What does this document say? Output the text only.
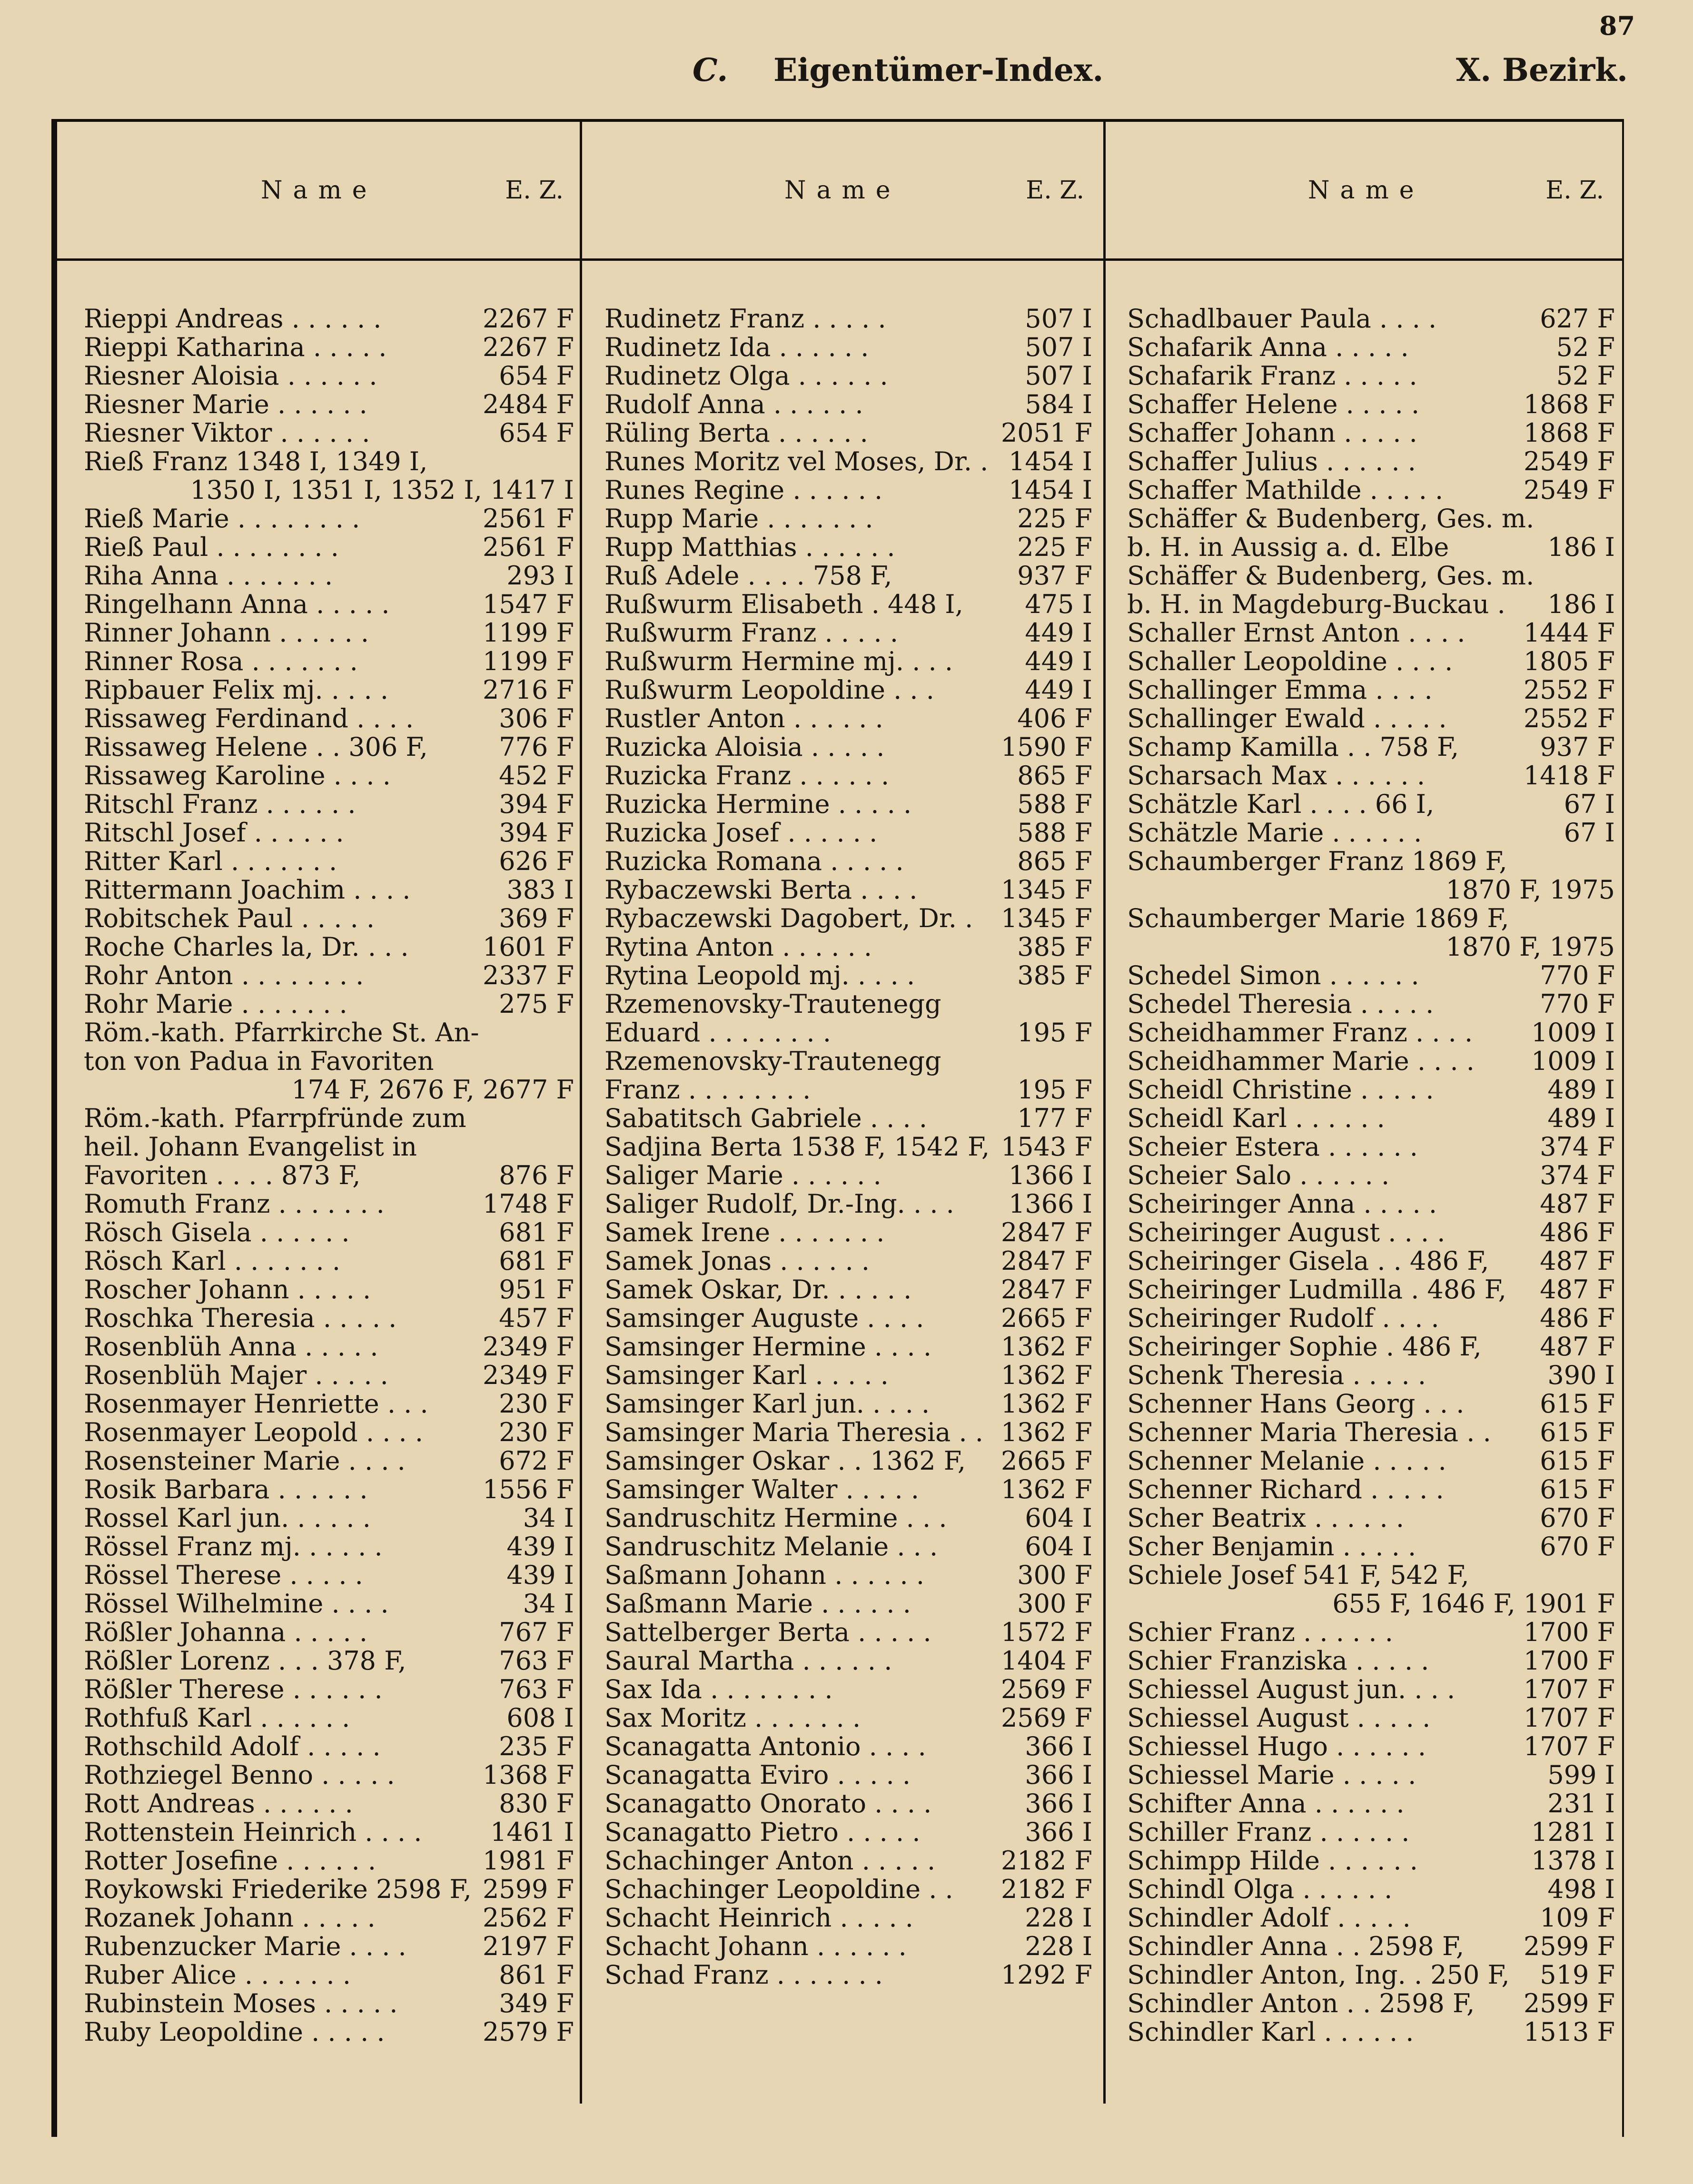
87
C. Eigentümer-Index.	X. Bezirk.
Name	E. Z.	Name	E. Z.	Name	E. Z.
Rieppi Andreas . . . . . .	2267 F
Rieppi Katharina . . . . .	2267 F
Riesner Aloisia . . . . . .	654 F
Riesner Marie . . . . . .	2484 F
Riesner Viktor . . . . . .	654 F
Rieß Franz 1348 I, 1349 I,
1350 I, 1351 I, 1352 I, 1417 I
Rieß Marie . . . . . . . .	2561 F
Rieß Paul . . . . . . . .	2561 F
Riha Anna . . . . . . .	293 I
Ringelhann Anna . . . . .	1547 F
Rinner Johann . . . . . .	1199 F
Rinner Rosa . . . . . . .	1199 F
Ripbauer Felix mj. . . . .	2716 F
Rissaweg Ferdinand . . . .	306 F
Rissaweg Helene . . 306 F,	776 F
Rissaweg Karoline . . . .	452 F
Ritschl Franz . . . . . .	394 F
Ritschl Josef . . . . . .	394 F
Ritter Karl . . . . . . .	626 F
Rittermann Joachim . . . .	383 I
Robitschek Paul . . . . .	369 F
Roche Charles la, Dr. . . .	1601 F
Rohr Anton . . . . . . . .	2337 F
Rohr Marie . . . . . . .	275 F
Röm.-kath. Pfarrkirche St. An-
ton von Padua in Favoriten
174 F, 2676 F, 2677 F
Röm.-kath. Pfarrpfründe zum
heil. Johann Evangelist in
Favoriten . . . . 873 F,	876 F
Romuth Franz . . . . . . .	1748 F
Rösch Gisela . . . . . .	681 F
Rösch Karl . . . . . . .	681 F
Roscher Johann . . . . .	951 F
Roschka Theresia . . . . .	457 F
Rosenblüh Anna . . . . .	2349 F
Rosenblüh Majer . . . . .	2349 F
Rosenmayer Henriette . . .	230 F
Rosenmayer Leopold . . . .	230 F
Rosensteiner Marie . . . .	672 F
Rosik Barbara . . . . . .	1556 F
Rossel Karl jun. . . . . .	34 I
Rössel Franz mj. . . . . .	439 I
Rössel Therese . . . . .	439 I
Rössel Wilhelmine . . . .	34 I
Rößler Johanna . . . . .	767 F
Rößler Lorenz . . . 378 F,	763 F
Rößler Therese . . . . . .	763 F
Rothfuß Karl . . . . . .	608 I
Rothschild Adolf . . . . .	235 F
Rothziegel Benno . . . . .	1368 F
Rott Andreas . . . . . .	830 F
Rottenstein Heinrich . . . .	1461 I
Rotter Josefine . . . . . .	1981 F
Roykowski Friederike 2598 F, 2599 F
Rozanek Johann . . . . .	2562 F
Rubenzucker Marie . . . .	2197 F
Ruber Alice . . . . . . .	861 F
Rubinstein Moses . . . . .	349 F
Ruby Leopoldine . . . . .	2579 F
Rudinetz Franz . . . . .	507 I
Rudinetz Ida . . . . . .	507 I
Rudinetz Olga . . . . . .	507 I
Rudolf Anna . . . . . .	584 I
Rüling Berta . . . . . .	2051 F
Runes Moritz vel Moses, Dr. . 1454 I
Runes Regine . . . . . .	1454 I
Rupp Marie . . . . . . .	225 F
Rupp Matthias . . . . . .	225 F
Ruß Adele . . . . 758 F,	937 F
Rußwurm Elisabeth . 448 I, 475 I
Rußwurm Franz . . . . .	449 I
Rußwurm Hermine mj. . . .	449 I
Rußwurm Leopoldine . . .	449 I
Rustler Anton . . . . . .	406 F
Ruzicka Aloisia . . . . .	1590 F
Ruzicka Franz . . . . . .	865 F
Ruzicka Hermine . . . . .	588 F
Ruzicka Josef . . . . . .	588 F
Ruzicka Romana . . . . .	865 F
Rybaczewski Berta . . . .	1345 F
Rybaczewski Dagobert, Dr. . 1345 F
Rytina Anton . . . . . .	385 F
Rytina Leopold mj. . . . .	385 F
Rzemenovsky-Trautenegg
Eduard . . . . . . . .	195 F
Rzemenovsky-Trautenegg
Franz . . . . . . . .	195 F
Sabatitsch Gabriele . . . .	177 F
Sadjina Berta 1538 F, 1542 F, 1543 F
Saliger Marie . . . . . .	1366 I
Saliger Rudolf, Dr.-Ing. . . . 1366 I
Samek Irene . . . . . . .	2847 F
Samek Jonas . . . . . .	2847 F
Samek Oskar, Dr. . . . . .	2847 F
Samsinger Auguste . . . .	2665 F
Samsinger Hermine . . . .	1362 F
Samsinger Karl . . . . .	1362 F
Samsinger Karl jun. . . . .	1362 F
Samsinger Maria Theresia . . 1362 F
Samsinger Oskar . . 1362 F, 2665 F
Samsinger Walter . . . . .	1362 F
Sandruschitz Hermine . . .	604 I
Sandruschitz Melanie . . .	604 I
Saßmann Johann . . . . . .	300 F
Saßmann Marie . . . . . .	300 F
Sattelberger Berta . . . . .	1572 F
Saural Martha . . . . . .	1404 F
Sax Ida . . . . . . . .	2569 F
Sax Moritz . . . . . . .	2569 F
Scanagatta Antonio . . . .	366 I
Scanagatta Eviro . . . . .	366 I
Scanagatto Onorato . . . .	366 I
Scanagatto Pietro . . . . .	366 I
Schachinger Anton . . . . .	2182 F
Schachinger Leopoldine . . 2182 F
Schacht Heinrich . . . . .	228 I
Schacht Johann . . . . . .	228 I
Schad Franz . . . . . . .	1292 F
Schadlbauer Paula . . . .	627 F
Schafarik Anna . . . . .	52 F
Schafarik Franz . . . . .	52 F
Schaffer Helene . . . . .	1868 F
Schaffer Johann . . . . .	1868 F
Schaffer Julius . . . . . .	2549 F
Schaffer Mathilde . . . . .	2549 F
Schäffer & Budenberg, Ges. m.
b. H. in Aussig a. d. Elbe	186 I
Schäffer & Budenberg, Ges. m.
b. H. in Magdeburg-Buckau . 186 I
Schaller Ernst Anton . . . . 1444 F
Schaller Leopoldine . . . .	1805 F
Schallinger Emma . . . .	2552 F
Schallinger Ewald . . . . .	2552 F
Schamp Kamilla . . 758 F,	937 F
Scharsach Max . . . . . .	1418 F
Schätzle Karl . . . . 66 I,	67 I
Schätzle Marie . . . . . .	67 I
Schaumberger Franz 1869 F,
1870 F, 1975
Schaumberger Marie 1869 F,
1870 F, 1975
Schedel Simon . . . . . .	770 F
Schedel Theresia . . . . .	770 F
Scheidhammer Franz . . . . 1009 I
Scheidhammer Marie . . . . 1009 I
Scheidl Christine . . . . .	489 I
Scheidl Karl . . . . . .	489 I
Scheier Estera . . . . . .	374 F
Scheier Salo . . . . . .	374 F
Scheiringer Anna . . . . .	487 F
Scheiringer August . . . .	486 F
Scheiringer Gisela . . 486 F, 487 F
Scheiringer Ludmilla . 486 F, 487 F
Scheiringer Rudolf . . . .	486 F
Scheiringer Sophie . 486 F, 487 F
Schenk Theresia . . . . .	390 I
Schenner Hans Georg . . .	615 F
Schenner Maria Theresia . . 615 F
Schenner Melanie . . . . .	615 F
Schenner Richard . . . . .	615 F
Scher Beatrix . . . . . .	670 F
Scher Benjamin . . . . .	670 F
Schiele Josef 541 F, 542 F,
655 F, 1646 F, 1901 F
Schier Franz . . . . . .	1700 F
Schier Franziska . . . . .	1700 F
Schiessel August jun. . . .	1707 F
Schiessel August . . . . .	1707 F
Schiessel Hugo . . . . . .	1707 F
Schiessel Marie . . . . .	599 I
Schifter Anna . . . . . .	231 I
Schiller Franz . . . . . .	1281 I
Schimpp Hilde . . . . . .	1378 I
Schindl Olga . . . . . .	498 I
Schindler Adolf . . . . .	109 F
Schindler Anna . . 2598 F, 2599 F
Schindler Anton, Ing. . 250 F, 519 F
Schindler Anton . . 2598 F, 2599 F
Schindler Karl . . . . . .	1513 F
